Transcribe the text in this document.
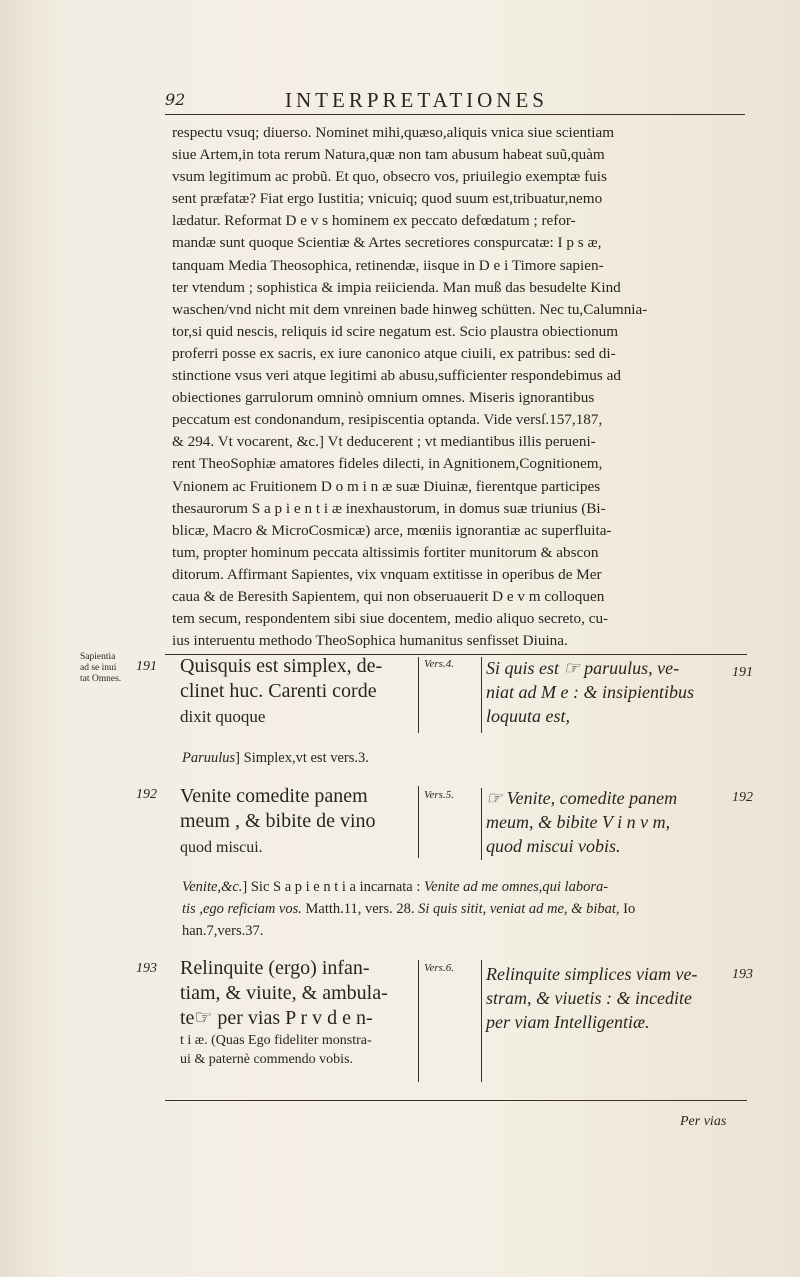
92	INTERPRETATIONES

respectu vsuq; diuerso. Nominet mihi,quæso,aliquis vnica siue scientiam

siue Artem,in tota rerum Natura,quæ non tam abusum habeat suũ,quàm

vsum legitimum ac probũ. Et quo, obsecro vos, priuilegio exemptæ fuis

sent præfatæ? Fiat ergo Iustitia; vnicuiq; quod suum est,tribuatur,nemo

lædatur. Reformat D e v s hominem ex peccato defœdatum ; refor-

mandæ sunt quoque Scientiæ & Artes secretiores conspurcatæ: I p s æ,

tanquam Media Theosophica, retinendæ, iisque in D e i Timore sapien-

ter vtendum ; sophistica & impia reiicienda. Man muß das besudelte Kind

waschen/vnd nicht mit dem vnreinen bade hinweg schütten. Nec tu,Calumnia-

tor,si quid nescis, reliquis id scire negatum est. Scio plaustra obiectionum

proferri posse ex sacris, ex iure canonico atque ciuili, ex patribus: sed di-

stinctione vsus veri atque legitimi ab abusu,sufficienter respondebimus ad

obiectiones garrulorum omninò omnium omnes. Miseris ignorantibus

peccatum est condonandum, resipiscentia optanda. Vide versſ.157,187,

& 294. Vt vocarent, &c.] Vt deducerent ; vt mediantibus illis perueni-

rent TheoSophiæ amatores fideles dilecti, in Agnitionem,Cognitionem,

Vnionem ac Fruitionem D o m i n æ suæ Diuinæ, fierentque participes

thesaurorum S a p i e n t i æ inexhaustorum, in domus suæ triunius (Bi-

blicæ, Macro & MicroCosmicæ) arce, mœniis ignorantiæ ac superfluita-

tum, propter hominum peccata altissimis fortiter munitorum & abscon

ditorum. Affirmant Sapientes, vix vnquam extitisse in operibus de Mer

caua & de Beresith Sapientem, qui non obseruauerit D e v m colloquen

tem secum, respondentem sibi siue docentem, medio aliquo secreto, cu-

ius interuentu methodo TheoSophica humanitus senfisset Diuina.

Sapientia
ad se inui
tat Omnes.
191 Quisquis est simplex, de-
clinet huc. Carenti corde
dixit quoque
Vers.4. Si quis est ☞ paruulus, ve-
niat ad M e : & insipientibus
loquuta est,
191
Paruulus] Simplex,vt est vers.3.
192 Venite comedite panem
meum , & bibite de vino
quod miscui.
Vers.5. ☞ Venite, comedite panem
meum, & bibite V i n v m,
quod miscui vobis.
192
Venite,&c.] Sic S a p i e n t i a incarnata : Venite ad me omnes,qui labora-
tis ,ego reficiam vos. Matth.11, vers. 28. Si quis sitit, veniat ad me, & bibat, Io
han.7,vers.37.
193 Relinquite (ergo) infan-
tiam, & viuite, & ambula-
te☞ per vias P r v d e n-
t i æ. (Quas Ego fideliter monstra-
ui & paternè commendo vobis.
Vers.6. Relinquite simplices viam ve-
stram, & viuetis : & incedite
per viam Intelligentiæ.
193
Per vias
